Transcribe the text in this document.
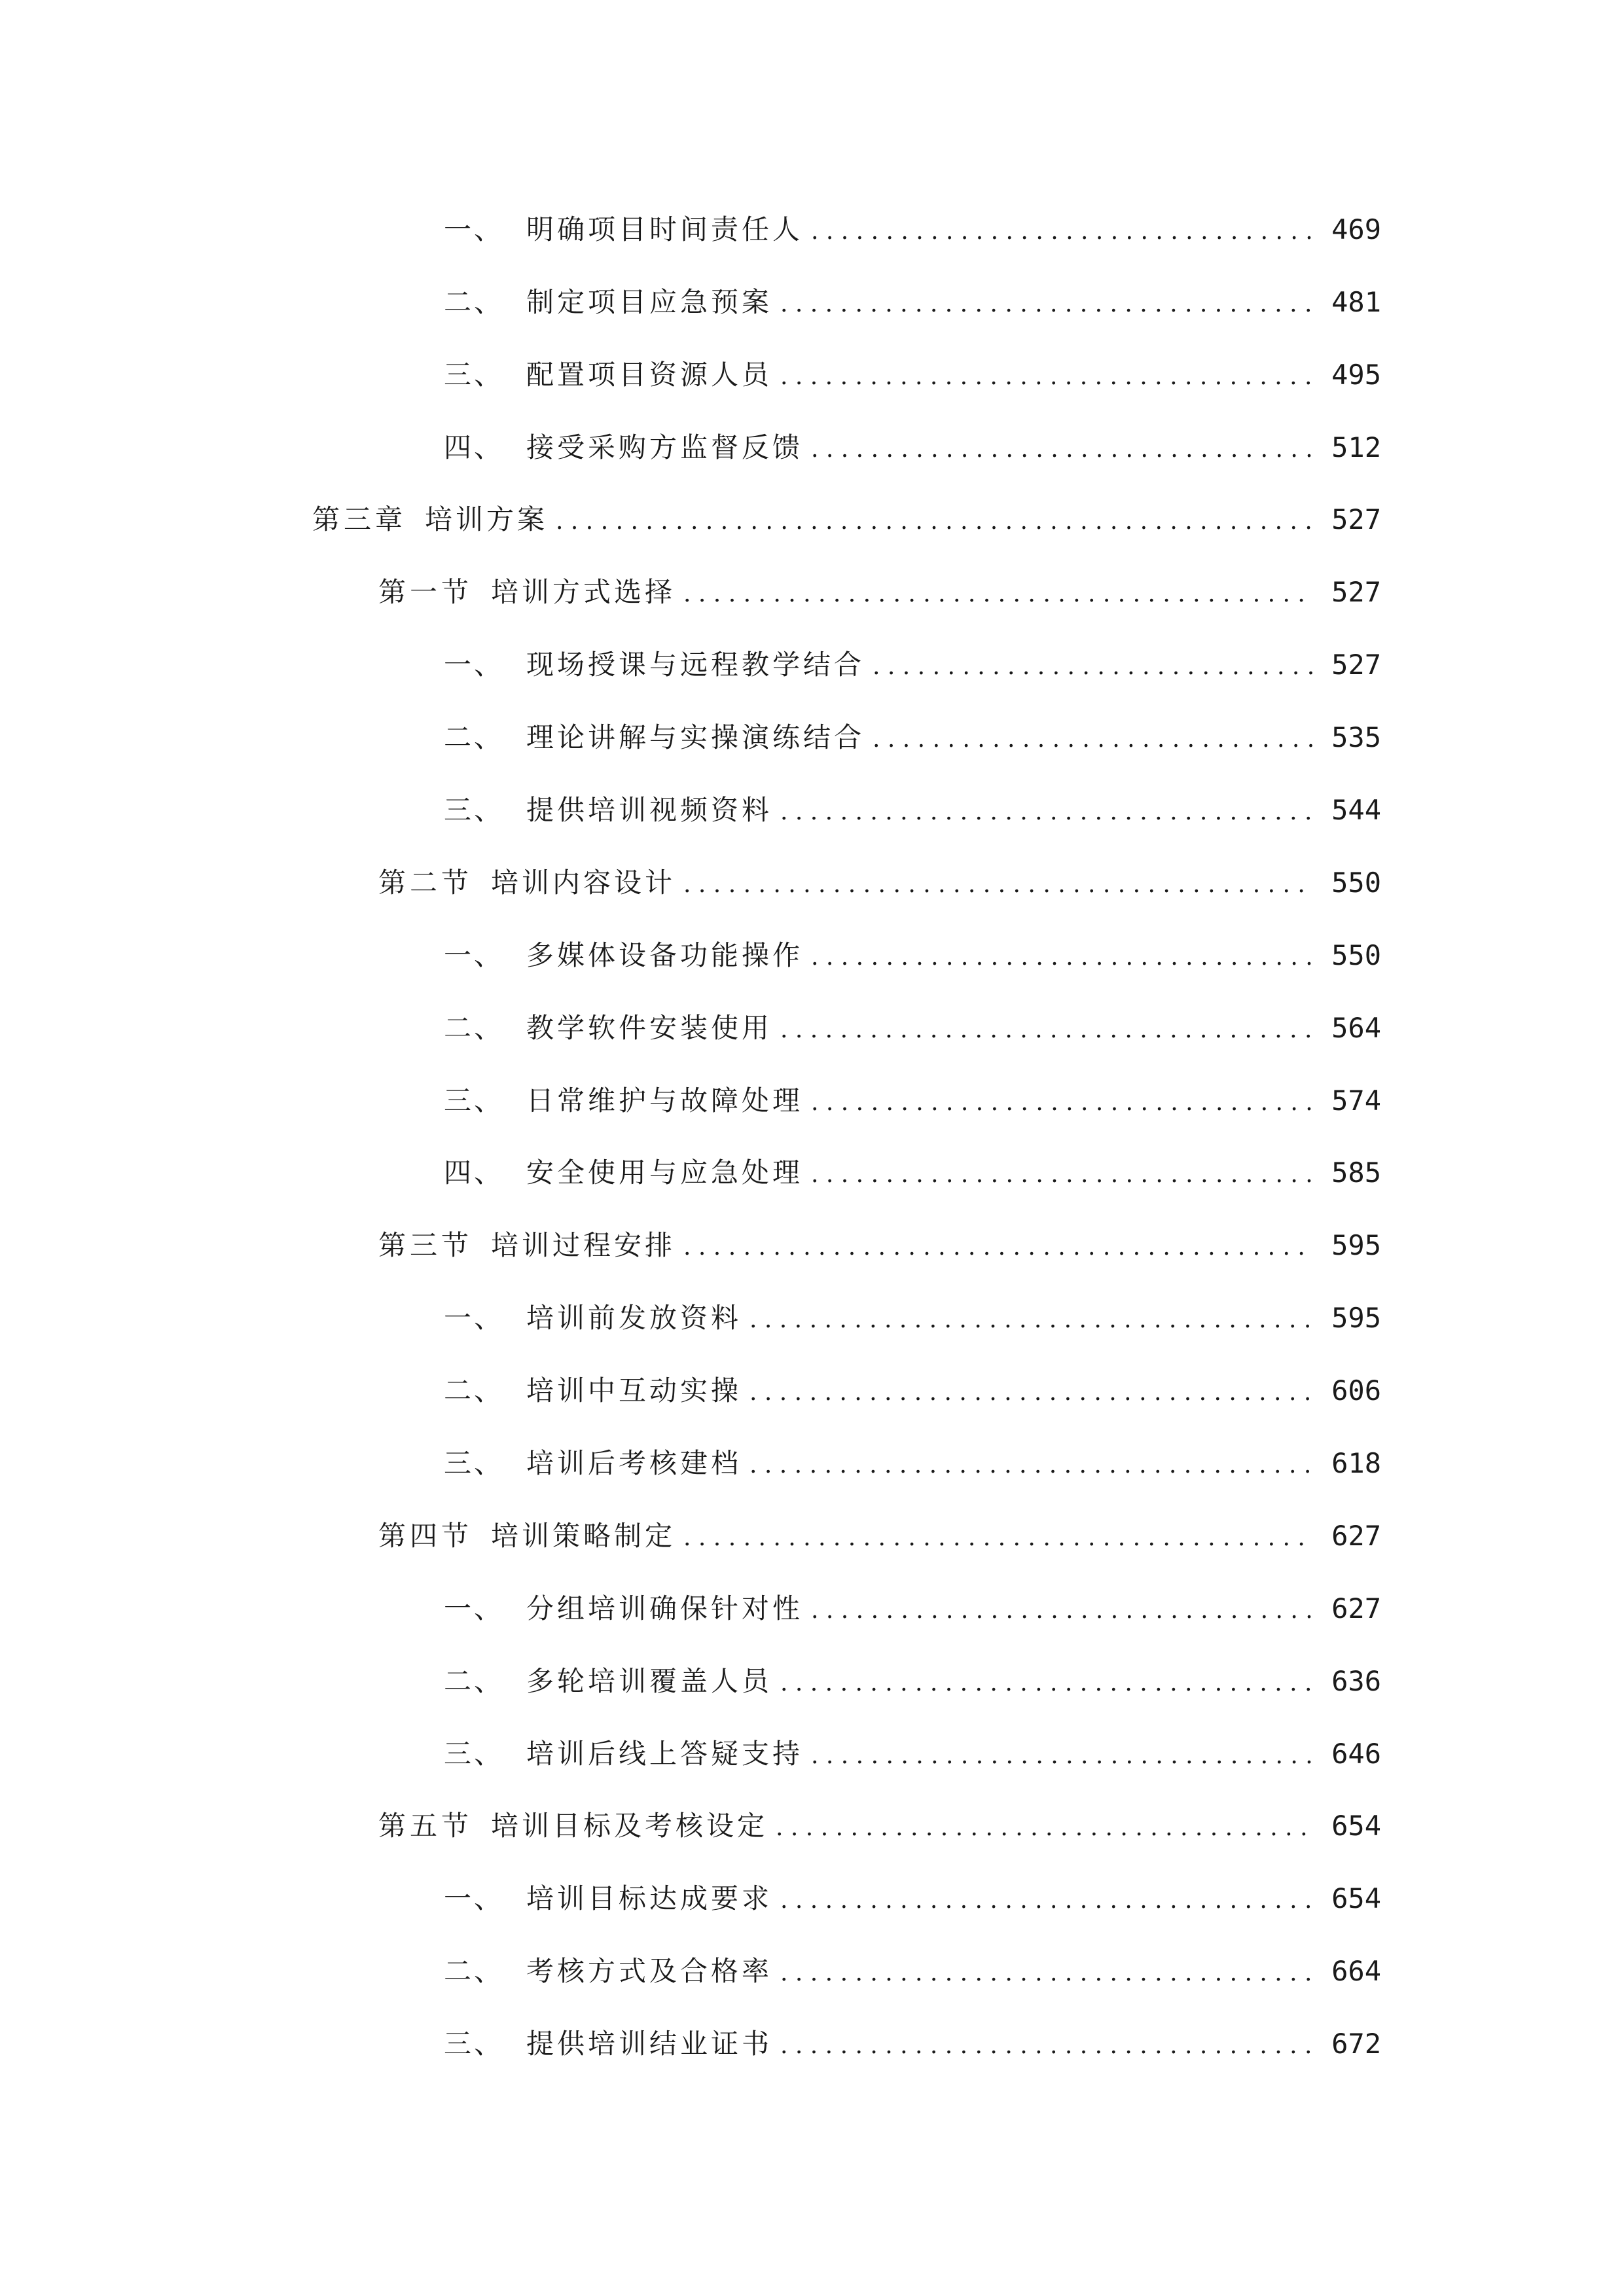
一、 明确项目时间责任人 . . .	469
二、 制定项目应急预案 . . .	481
三、 配置项目资源人员 . . .	495
四、 接受采购方监督反馈 . . .	512
第三章 培训方案 . . .	527
第一节 培训方式选择 . . .	527
一、 现场授课与远程教学结合 . . .	527
二、 理论讲解与实操演练结合 . . .	535
三、 提供培训视频资料 . . .	544
第二节 培训内容设计 . . .	550
一、 多媒体设备功能操作 . . .	550
二、 教学软件安装使用 . . .	564
三、 日常维护与故障处理 . . .	574
四、 安全使用与应急处理 . . .	585
第三节 培训过程安排 . . .	595
一、 培训前发放资料 . . .	595
二、 培训中互动实操 . . .	606
三、 培训后考核建档 . . .	618
第四节 培训策略制定 . . .	627
一、 分组培训确保针对性 . . .	627
二、 多轮培训覆盖人员 . . .	636
三、 培训后线上答疑支持 . . .	646
第五节 培训目标及考核设定 . . .	654
一、 培训目标达成要求 . . .	654
二、 考核方式及合格率 . . .	664
三、 提供培训结业证书 . . .	672
